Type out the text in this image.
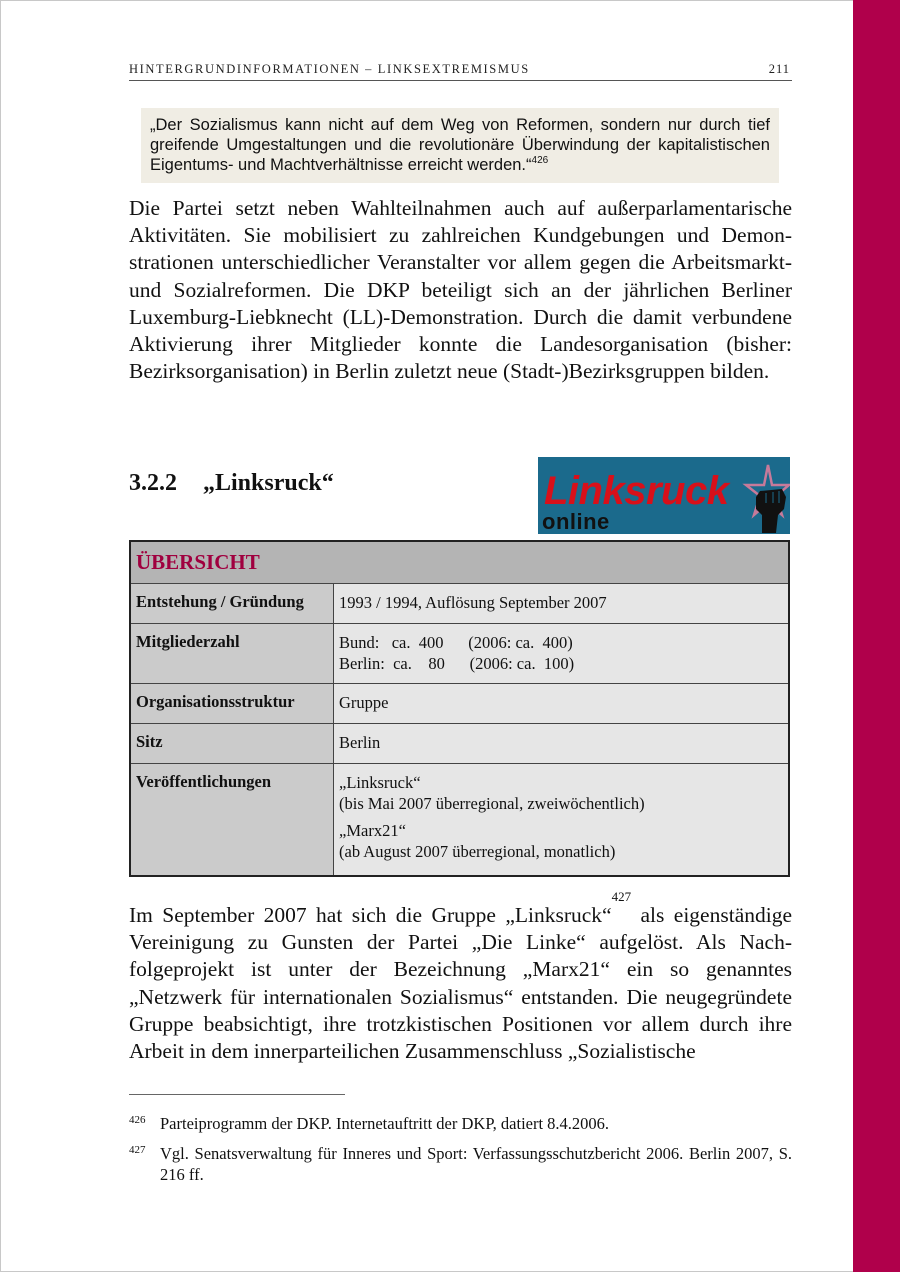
HINTERGRUNDINFORMATIONEN – LINKSEXTREMISMUS	211
„Der Sozialismus kann nicht auf dem Weg von Reformen, sondern nur durch tief greifende Umgestaltungen und die revolutionäre Überwindung der kapitalistischen Eigentums- und Machtverhältnisse erreicht werden.“$^{426}$
Die Partei setzt neben Wahlteilnahmen auch auf außerparlamentarische Aktivitäten. Sie mobilisiert zu zahlreichen Kundgebungen und Demonstrationen unterschiedlicher Veranstalter vor allem gegen die Arbeitsmarkt- und Sozialreformen. Die DKP beteiligt sich an der jährlichen Berliner Luxemburg-Liebknecht (LL)-Demonstration. Durch die damit verbundene Aktivierung ihrer Mitglieder konnte die Landesorganisation (bisher: Bezirksorganisation) in Berlin zuletzt neue (Stadt-)Bezirksgruppen bilden.
3.2.2 „Linksruck“	Linksruck
online
ÜBERSICHT	

Entstehung / Gründung	1993 / 1994, Auflösung September 2007
Mitgliederzahl	Bund:   ca.  400      (2006: ca.  400)
Berlin:  ca.    80      (2006: ca.  100)

Organisationsstruktur	Gruppe
Sitz	Berlin
Veröffentlichungen	„Linksruck“
(bis Mai 2007 überregional, zweiwöchentlich)
„Marx21“
(ab August 2007 überregional, monatlich)
Im September 2007 hat sich die Gruppe „Linksruck“$^{427}$ als eigenständige Vereinigung zu Gunsten der Partei „Die Linke“ aufgelöst. Als Nachfolgeprojekt ist unter der Bezeichnung „Marx21“ ein so genanntes „Netzwerk für internationalen Sozialismus“ entstanden. Die neugegründete Gruppe beabsichtigt, ihre trotzkistischen Positionen vor allem durch ihre Arbeit in dem innerparteilichen Zusammenschluss „Sozialistische
426 Parteiprogramm der DKP. Internetauftritt der DKP, datiert 8.4.2006.
427 Vgl. Senatsverwaltung für Inneres und Sport: Verfassungsschutzbericht 2006. Berlin 2007, S. 216 ff.
